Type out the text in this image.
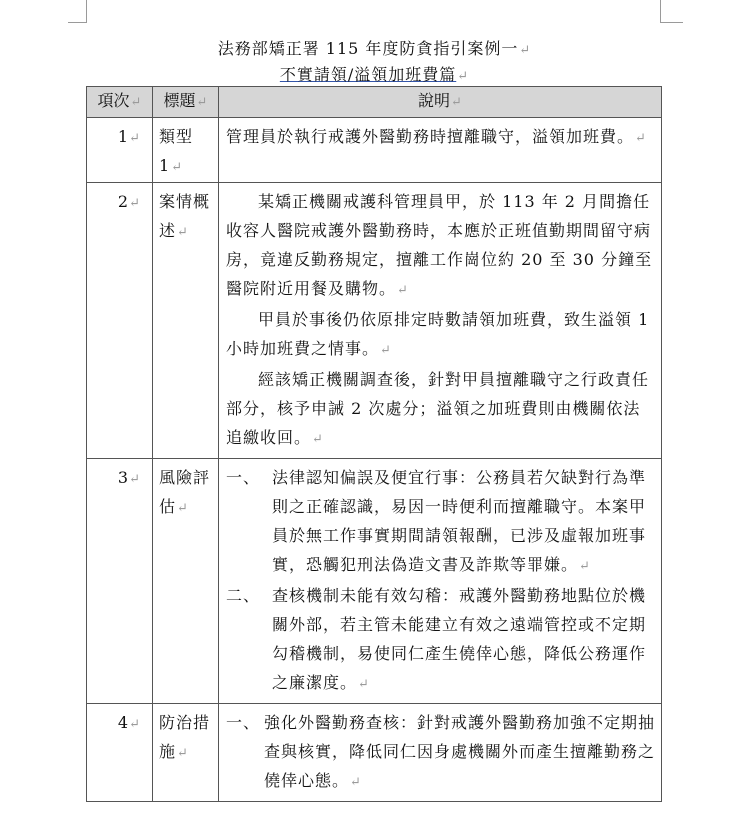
法務部矯正署 115 年度防貪指引案例一↵
不實請領/溢領加班費篇↵
項次↵	標題↵	說明↵
1↵	類型 1↵	管理員於執行戒護外醫勤務時擅離職守，溢領加班費。↵

2↵	案情概述↵	某矯正機關戒護科管理員甲，於 113 年 2 月間擔任收容人醫院戒護外醫勤務時，本應於正班值勤期間留守病房，竟違反勤務規定，擅離工作崗位約 20 至 30 分鐘至醫院附近用餐及購物。↵

甲員於事後仍依原排定時數請領加班費，致生溢領 1 小時加班費之情事。↵

經該矯正機關調查後，針對甲員擅離職守之行政責任部分，核予申誡 2 次處分；溢領之加班費則由機關依法追繳收回。↵

3↵	風險評估↵	一、 法律認知偏誤及便宜行事：公務員若欠缺對行為準則之正確認識，易因一時便利而擅離職守。本案甲員於無工作事實期間請領報酬，已涉及虛報加班事實，恐觸犯刑法偽造文書及詐欺等罪嫌。↵
二、 查核機制未能有效勾稽：戒護外醫勤務地點位於機關外部，若主管未能建立有效之遠端管控或不定期勾稽機制，易使同仁產生僥倖心態，降低公務運作之廉潔度。↵

4↵	防治措施↵	一、 強化外醫勤務查核：針對戒護外醫勤務加強不定期抽查與核實，降低同仁因身處機關外而產生擅離勤務之僥倖心態。↵
